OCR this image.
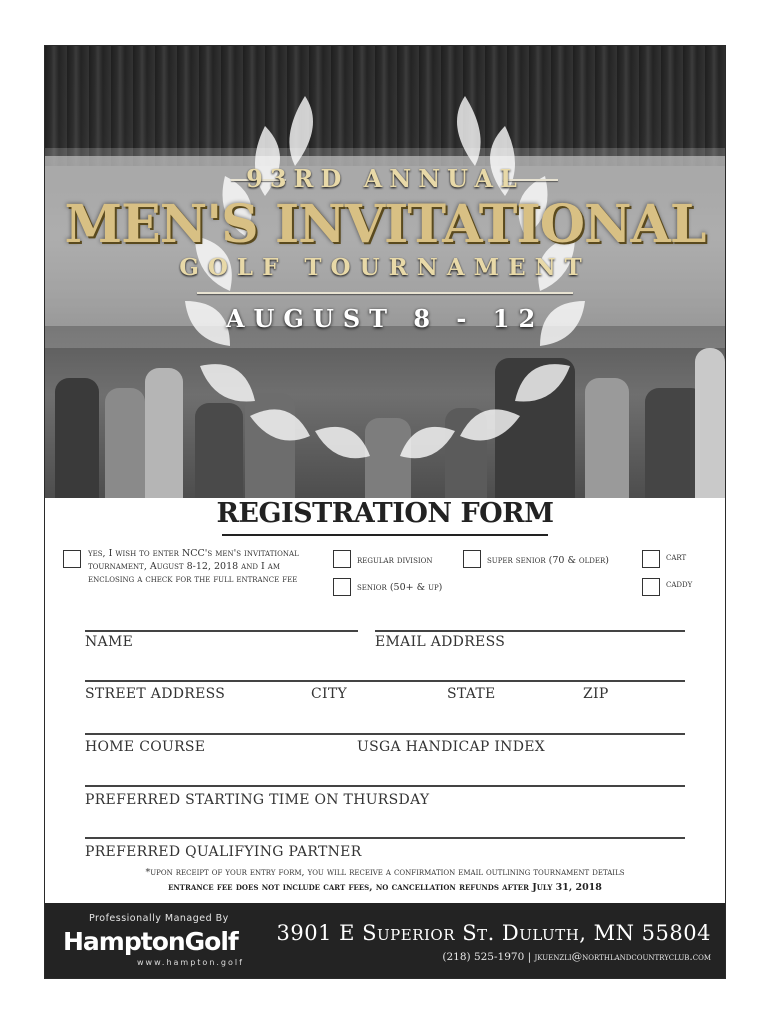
93RD ANNUAL
MEN'S INVITATIONAL
GOLF TOURNAMENT
AUGUST 8 - 12
REGISTRATION FORM
yes, I wish to enter NCC's men's invitational tournament, August 8-12, 2018 and I am enclosing a check for the full entrance fee
regular division	super senior (70 & older)	cart
senior (50+ & up)	caddy
NAME	EMAIL ADDRESS
STREET ADDRESS	CITY	STATE	ZIP
HOME COURSE	USGA HANDICAP INDEX
PREFERRED STARTING TIME ON THURSDAY
PREFERRED QUALIFYING PARTNER
*upon receipt of your entry form, you will receive a confirmation email outlining tournament details
entrance fee does not include cart fees, no cancellation refunds after July 31, 2018
Professionally Managed By
HamptonGolf
www.hampton.golf
3901 E Superior St. Duluth, MN 55804
(218) 525-1970 | jkuenzli@northlandcountryclub.com
